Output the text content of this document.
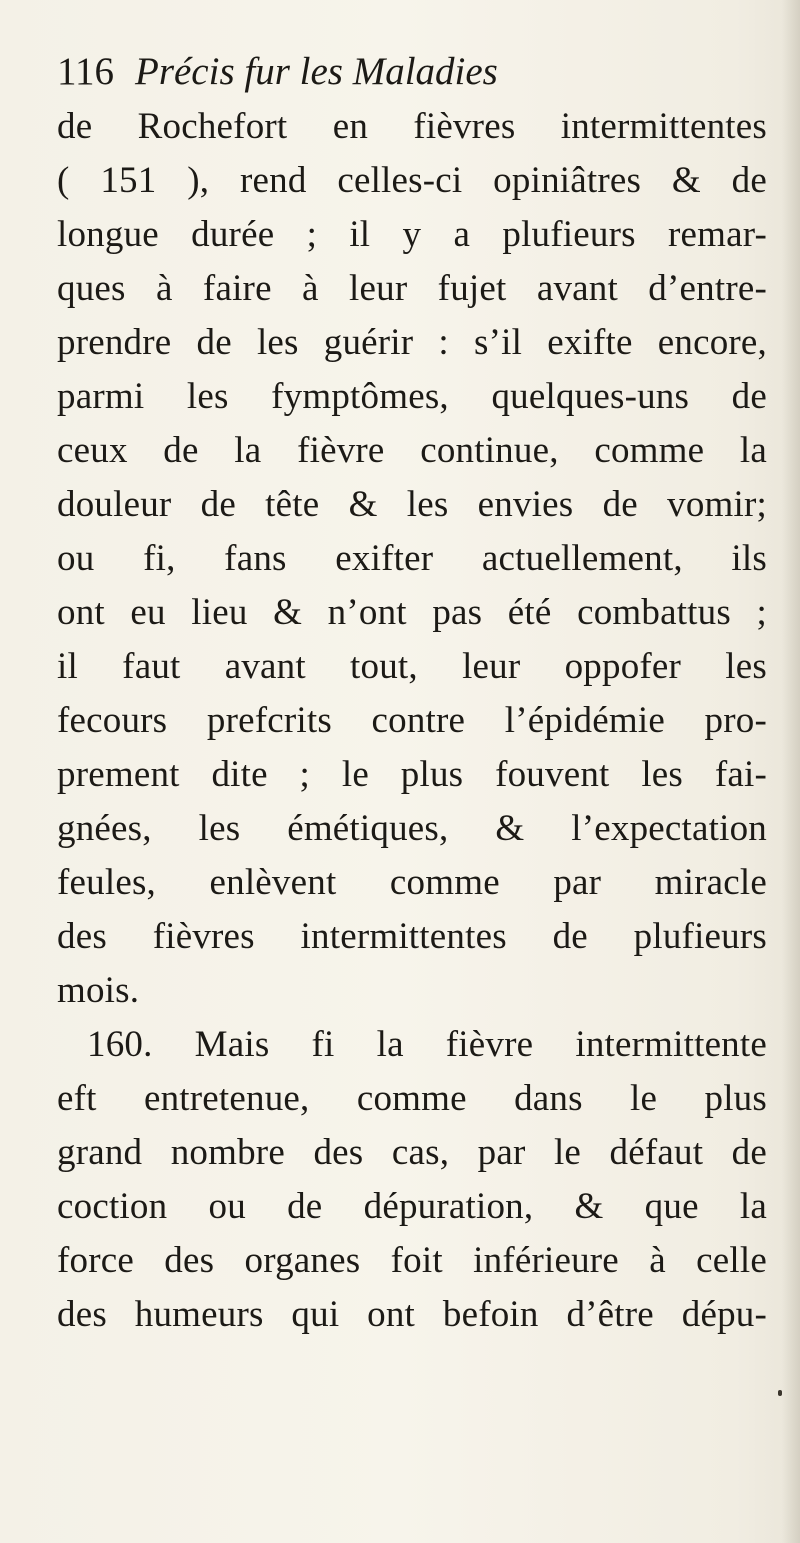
116 Précis fur les Maladies
de Rochefort en fièvres intermittentes
( 151 ), rend celles-ci opiniâtres & de
longue durée ; il y a plufieurs remar-
ques à faire à leur fujet avant d’entre-
prendre de les guérir : s’il exifte encore,
parmi les fymptômes, quelques-uns de
ceux de la fièvre continue, comme la
douleur de tête & les envies de vomir;
ou fi, fans exifter actuellement, ils
ont eu lieu & n’ont pas été combattus ;
il faut avant tout, leur oppofer les
fecours prefcrits contre l’épidémie pro-
prement dite ; le plus fouvent les fai-
gnées, les émétiques, & l’expectation
feules, enlèvent comme par miracle
des fièvres intermittentes de plufieurs
mois.
160. Mais fi la fièvre intermittente
eft entretenue, comme dans le plus
grand nombre des cas, par le défaut de
coction ou de dépuration, & que la
force des organes foit inférieure à celle
des humeurs qui ont befoin d’être dépu-
